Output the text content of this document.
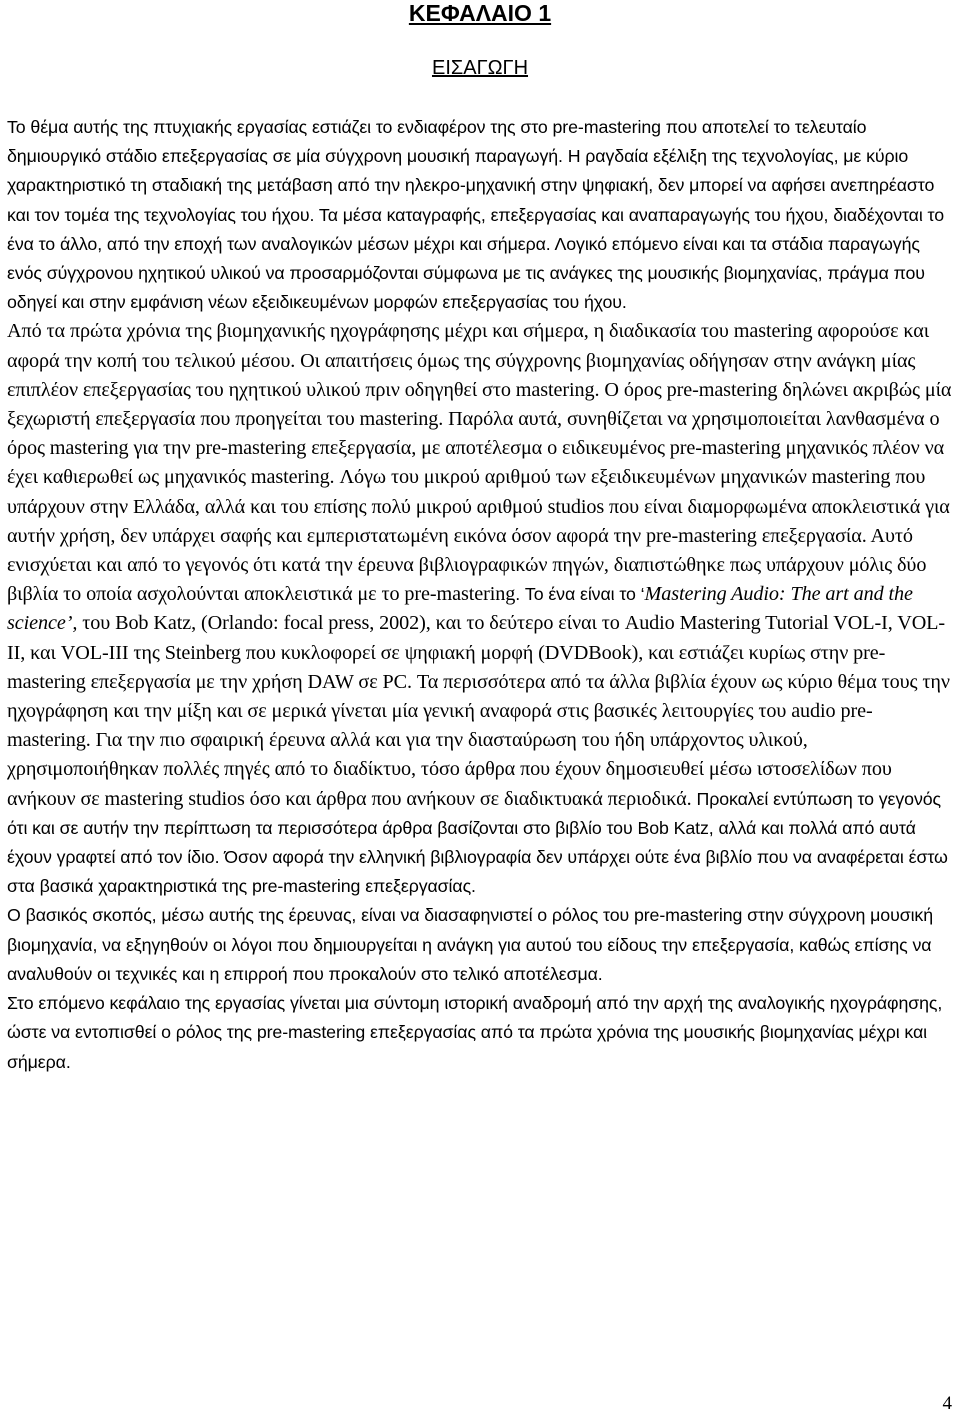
ΚΕΦΑΛΑΙΟ 1
ΕΙΣΑΓΩΓΗ

Το θέμα αυτής της πτυχιακής εργασίας εστιάζει το ενδιαφέρον της στο pre-mastering που αποτελεί το τελευταίο δημιουργικό στάδιο επεξεργασίας σε μία σύγχρονη μουσική παραγωγή. Η ραγδαία εξέλιξη της τεχνολογίας, με κύριο χαρακτηριστικό τη σταδιακή της μετάβαση από την ηλεκρο-μηχανική στην ψηφιακή, δεν μπορεί να αφήσει ανεπηρέαστο και τον τομέα της τεχνολογίας του ήχου. Τα μέσα καταγραφής, επεξεργασίας και αναπαραγωγής του ήχου, διαδέχονται το ένα το άλλο, από την εποχή των αναλογικών μέσων μέχρι και σήμερα. Λογικό επόμενο είναι και τα στάδια παραγωγής ενός σύγχρονου ηχητικού υλικού να προσαρμόζονται σύμφωνα με τις ανάγκες της μουσικής βιομηχανίας, πράγμα που οδηγεί και στην εμφάνιση νέων εξειδικευμένων μορφών επεξεργασίας του ήχου.

Από τα πρώτα χρόνια της βιομηχανικής ηχογράφησης μέχρι και σήμερα, η διαδικασία του mastering αφορούσε και αφορά την κοπή του τελικού μέσου. Οι απαιτήσεις όμως της σύγχρονης βιομηχανίας οδήγησαν στην ανάγκη μίας επιπλέον επεξεργασίας του ηχητικού υλικού πριν οδηγηθεί στο mastering. Ο όρος pre-mastering δηλώνει ακριβώς μία ξεχωριστή επεξεργασία που προηγείται του mastering. Παρόλα αυτά, συνηθίζεται να χρησιμοποιείται λανθασμένα ο όρος mastering για την pre-mastering επεξεργασία, με αποτέλεσμα ο ειδικευμένος pre-mastering μηχανικός πλέον να έχει καθιερωθεί ως μηχανικός mastering. Λόγω του μικρού αριθμού των εξειδικευμένων μηχανικών mastering που υπάρχουν στην Ελλάδα, αλλά και του επίσης πολύ μικρού αριθμού studios που είναι διαμορφωμένα αποκλειστικά για αυτήν χρήση, δεν υπάρχει σαφής και εμπεριστατωμένη εικόνα όσον αφορά την pre-mastering επεξεργασία. Αυτό ενισχύεται και από το γεγονός ότι κατά την έρευνα βιβλιογραφικών πηγών, διαπιστώθηκε πως υπάρχουν μόλις δύο βιβλία το οποία ασχολούνται αποκλειστικά με το pre-mastering. Το ένα είναι το ‘Mastering Audio: The art and the science’, του Bob Katz, (Orlando: focal press, 2002), και το δεύτερο είναι το Audio Mastering Tutorial VOL-I, VOL-II, και VOL-III της Steinberg που κυκλοφορεί σε ψηφιακή μορφή (DVDBook), και εστιάζει κυρίως στην pre-mastering επεξεργασία με την χρήση DAW σε PC. Τα περισσότερα από τα άλλα βιβλία έχουν ως κύριο θέμα τους την ηχογράφηση και την μίξη και σε μερικά γίνεται μία γενική αναφορά στις βασικές λειτουργίες του audio pre-mastering. Για την πιο σφαιρική έρευνα αλλά και για την διασταύρωση του ήδη υπάρχοντος υλικού, χρησιμοποιήθηκαν πολλές πηγές από το διαδίκτυο, τόσο άρθρα που έχουν δημοσιευθεί μέσω ιστοσελίδων που ανήκουν σε mastering studios όσο και άρθρα που ανήκουν σε διαδικτυακά περιοδικά. Προκαλεί εντύπωση το γεγονός ότι και σε αυτήν την περίπτωση τα περισσότερα άρθρα βασίζονται στο βιβλίο του Bob Katz, αλλά και πολλά από αυτά έχουν γραφτεί από τον ίδιο. Όσον αφορά την ελληνική βιβλιογραφία δεν υπάρχει ούτε ένα βιβλίο που να αναφέρεται έστω στα βασικά χαρακτηριστικά της pre-mastering επεξεργασίας.

Ο βασικός σκοπός, μέσω αυτής της έρευνας, είναι να διασαφηνιστεί ο ρόλος του pre-mastering στην σύγχρονη μουσική βιομηχανία, να εξηγηθούν οι λόγοι που δημιουργείται η ανάγκη για αυτού του είδους την επεξεργασία, καθώς επίσης να αναλυθούν οι τεχνικές και η επιρροή που προκαλούν στο τελικό αποτέλεσμα.

Στο επόμενο κεφάλαιο της εργασίας γίνεται μια σύντομη ιστορική αναδρομή από την αρχή της αναλογικής ηχογράφησης, ώστε να εντοπισθεί ο ρόλος της pre-mastering επεξεργασίας από τα πρώτα χρόνια της μουσικής βιομηχανίας μέχρι και σήμερα.

4
